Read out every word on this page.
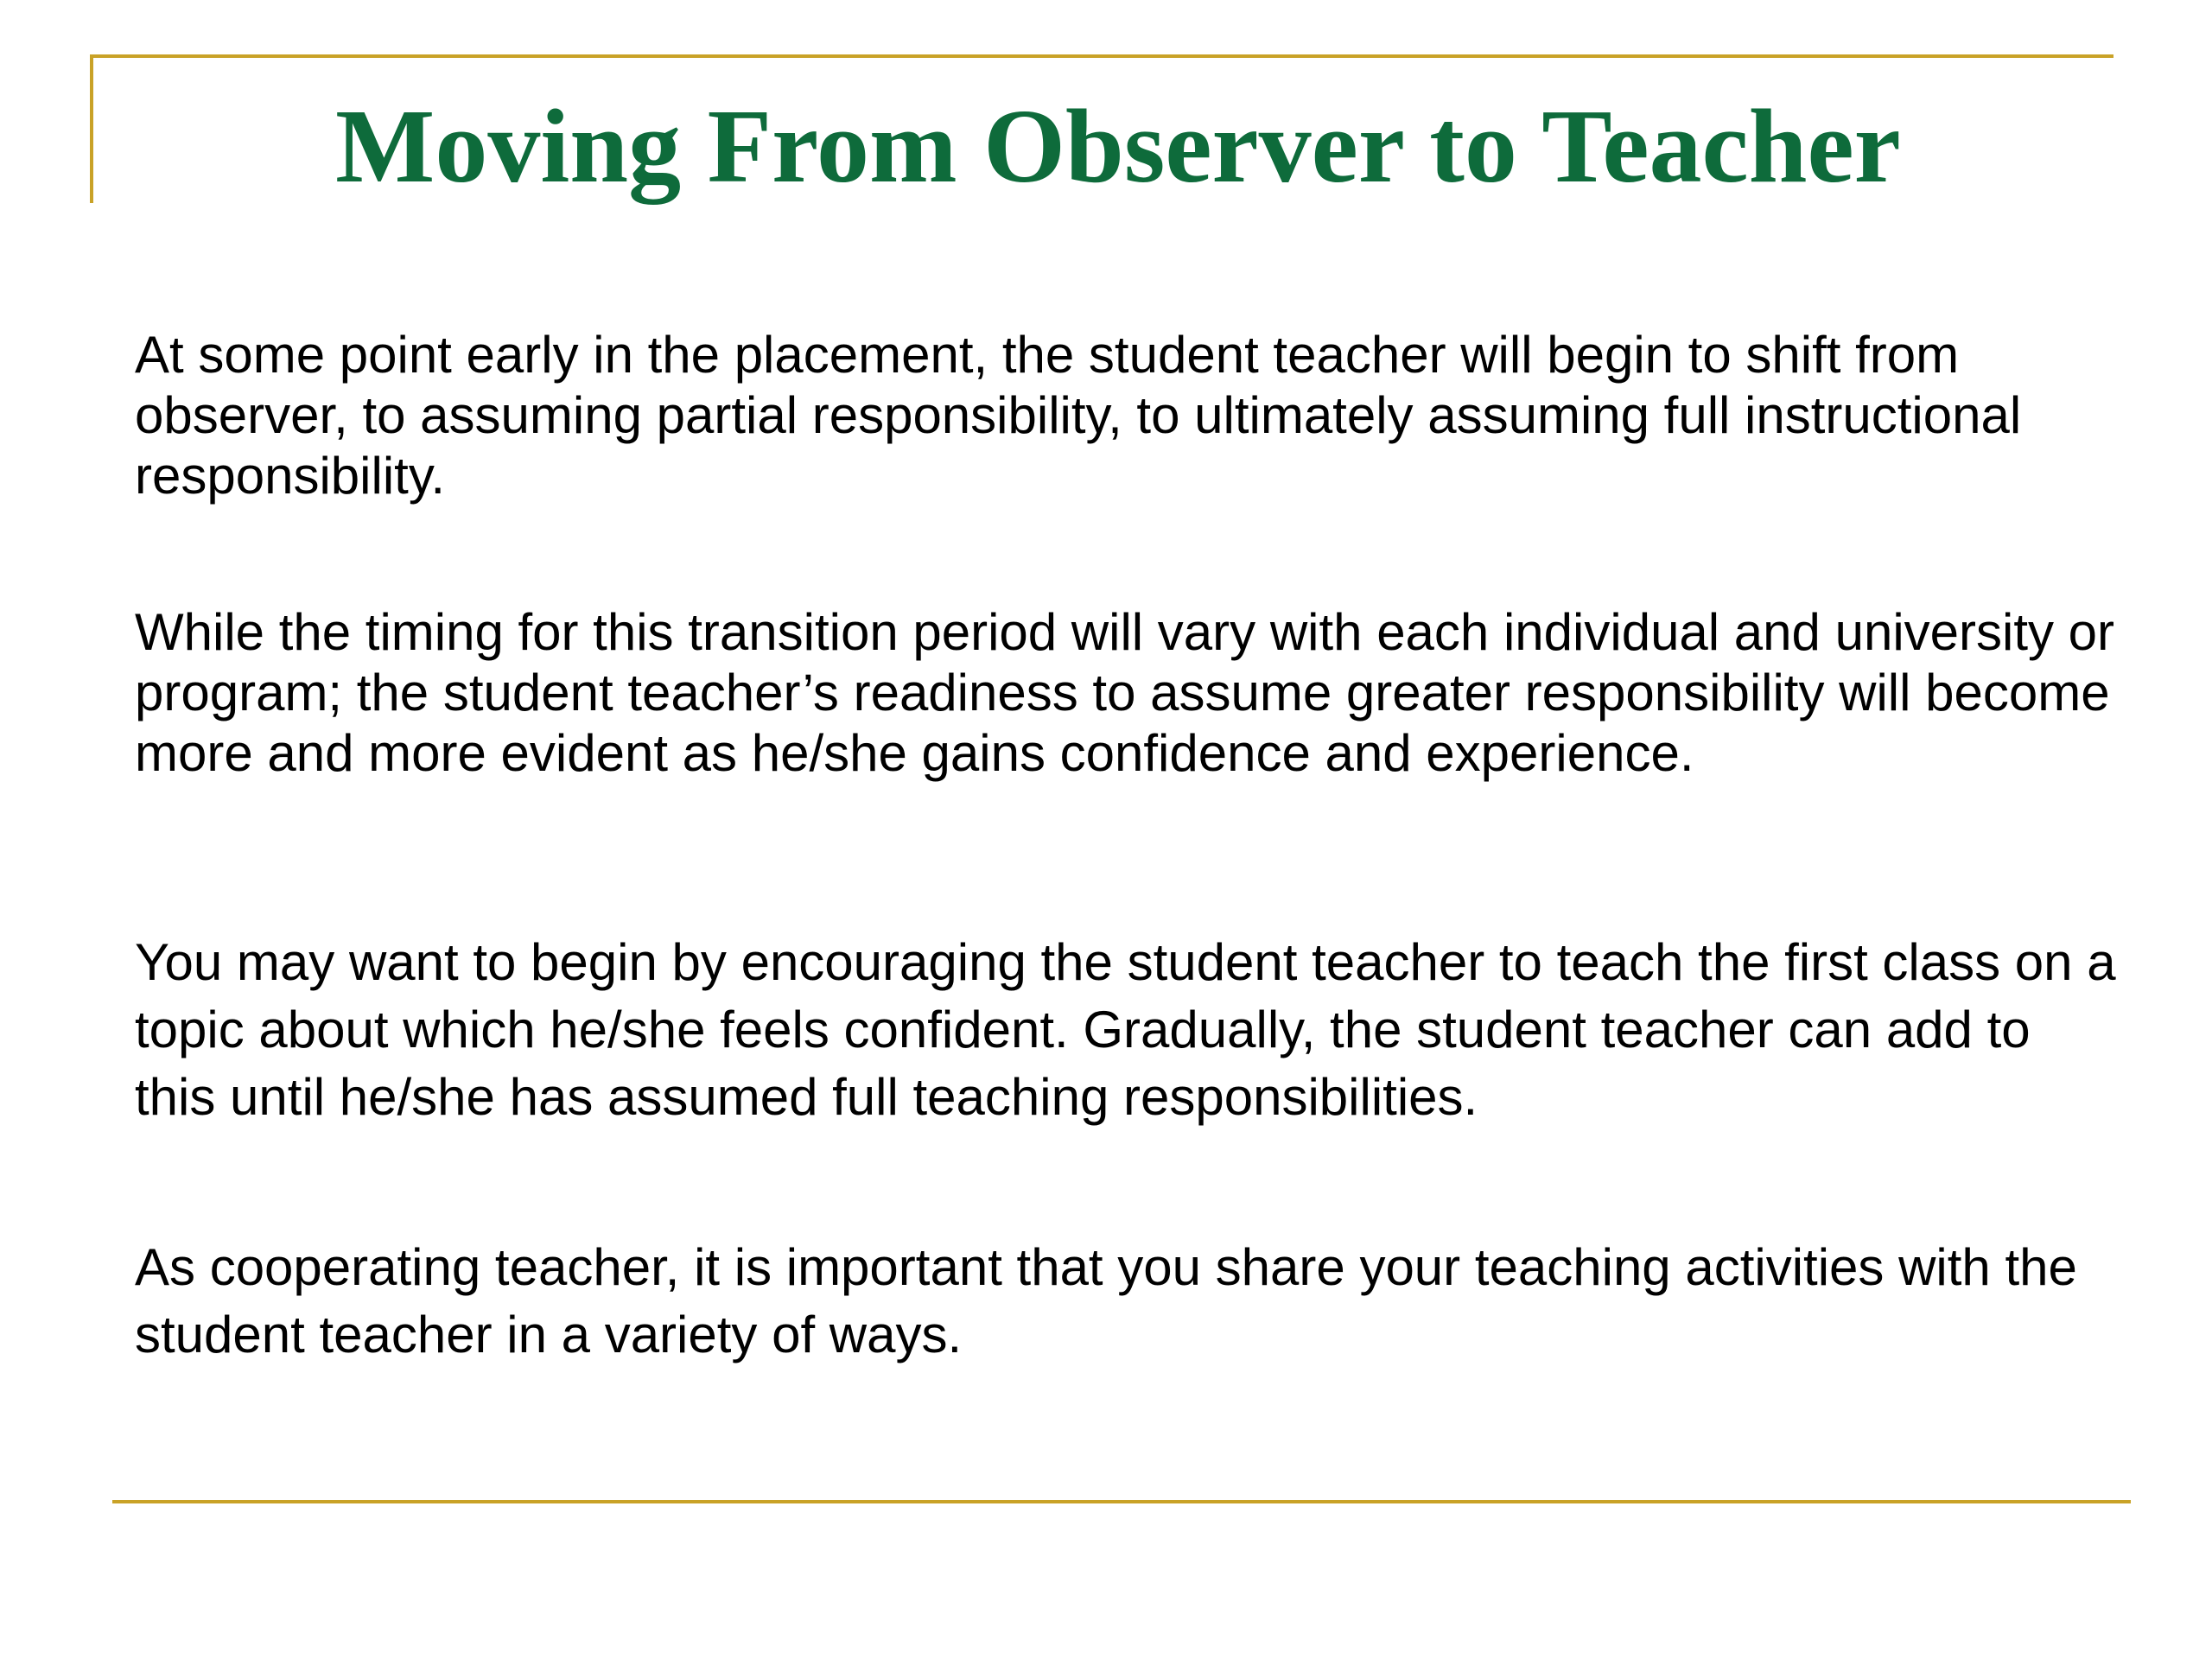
Moving From Observer to Teacher

At some point early in the placement, the student teacher will begin to shift from observer, to assuming partial responsibility, to ultimately assuming full instructional responsibility.

While the timing for this transition period will vary with each individual and university or program; the student teacher’s readiness to assume greater responsibility will become more and more evident as he/she gains confidence and experience.

You may want to begin by encouraging the student teacher to teach the first class on a topic about which he/she feels confident. Gradually, the student teacher can add to this until he/she has assumed full teaching responsibilities.

As cooperating teacher, it is important that you share your teaching activities with the student teacher in a variety of ways.
